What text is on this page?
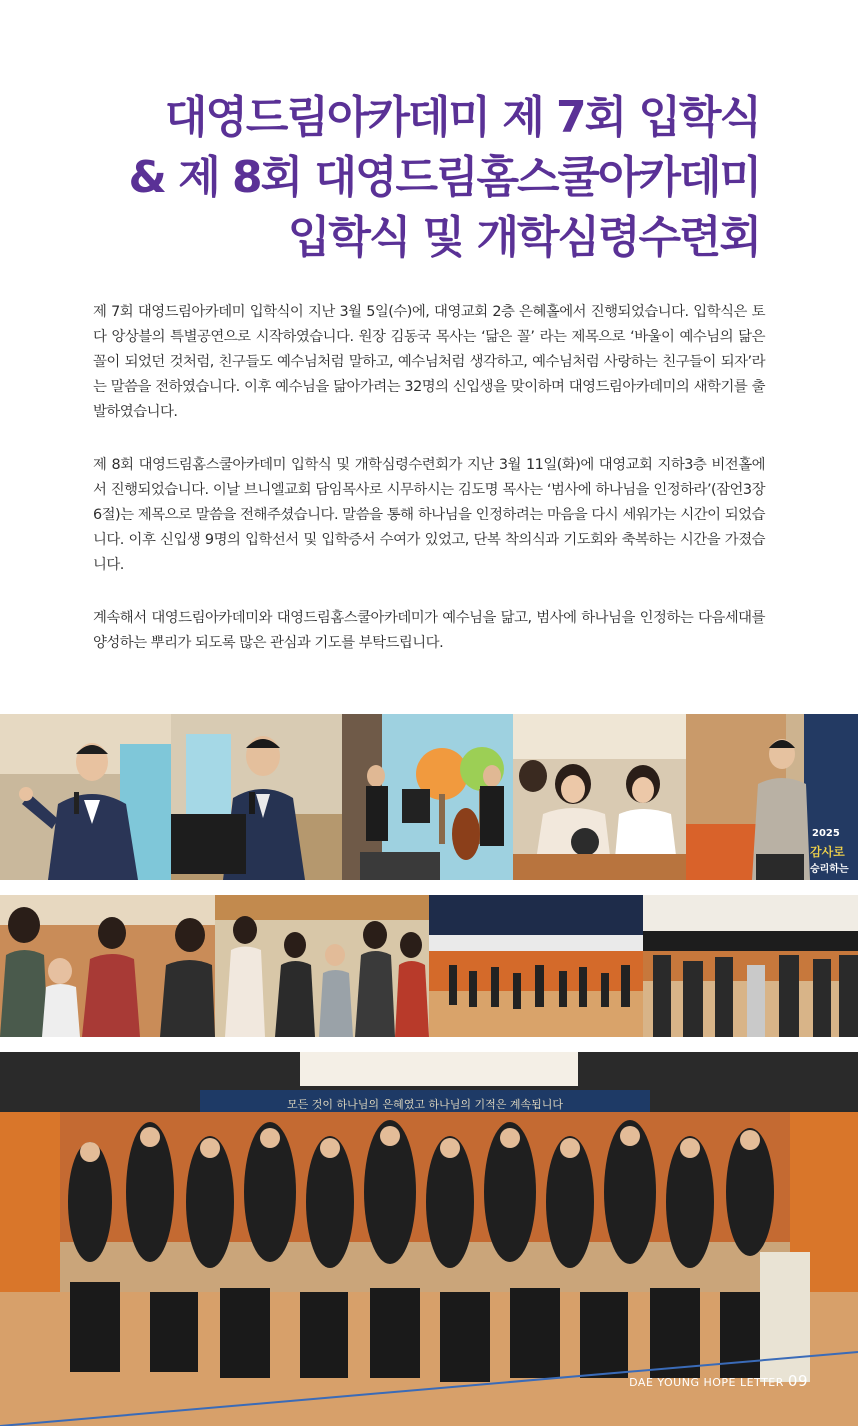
대영드림아카데미 제 7회 입학식
& 제 8회 대영드림홈스쿨아카데미
입학식 및 개학심령수련회

제 7회 대영드림아카데미 입학식이 지난 3월 5일(수)에, 대영교회 2층 은혜홀에서 진행되었습니다. 입학식은 토다 앙상블의 특별공연으로 시작하였습니다. 원장 김동국 목사는 ‘닮은 꼴’ 라는 제목으로 ‘바울이 예수님의 닮은 꼴이 되었던 것처럼, 친구들도 예수님처럼 말하고, 예수님처럼 생각하고, 예수님처럼 사랑하는 친구들이 되자’라는 말씀을 전하였습니다. 이후 예수님을 닮아가려는 32명의 신입생을 맞이하며 대영드림아카데미의 새학기를 출발하였습니다.

제 8회 대영드림홈스쿨아카데미 입학식 및 개학심령수련회가 지난 3월 11일(화)에 대영교회 지하3층 비전홀에서 진행되었습니다. 이날 브니엘교회 담임목사로 시무하시는 김도명 목사는 ‘범사에 하나님을 인정하라’(잠언3장 6절)는 제목으로 말씀을 전해주셨습니다. 말씀을 통해 하나님을 인정하려는 마음을 다시 세워가는 시간이 되었습니다. 이후 신입생 9명의 입학선서 및 입학증서 수여가 있었고, 단복 착의식과 기도회와 축복하는 시간을 가졌습니다.

계속해서 대영드림아카데미와 대영드림홈스쿨아카데미가 예수님을 닮고, 범사에 하나님을 인정하는 다음세대를 양성하는 뿌리가 되도록 많은 관심과 기도를 부탁드립니다.

2025
감사로
승리하는
모든 것이 하나님의 은혜였고 하나님의 기적은 계속됩니다
DAE YOUNG HOPE LETTER 09
